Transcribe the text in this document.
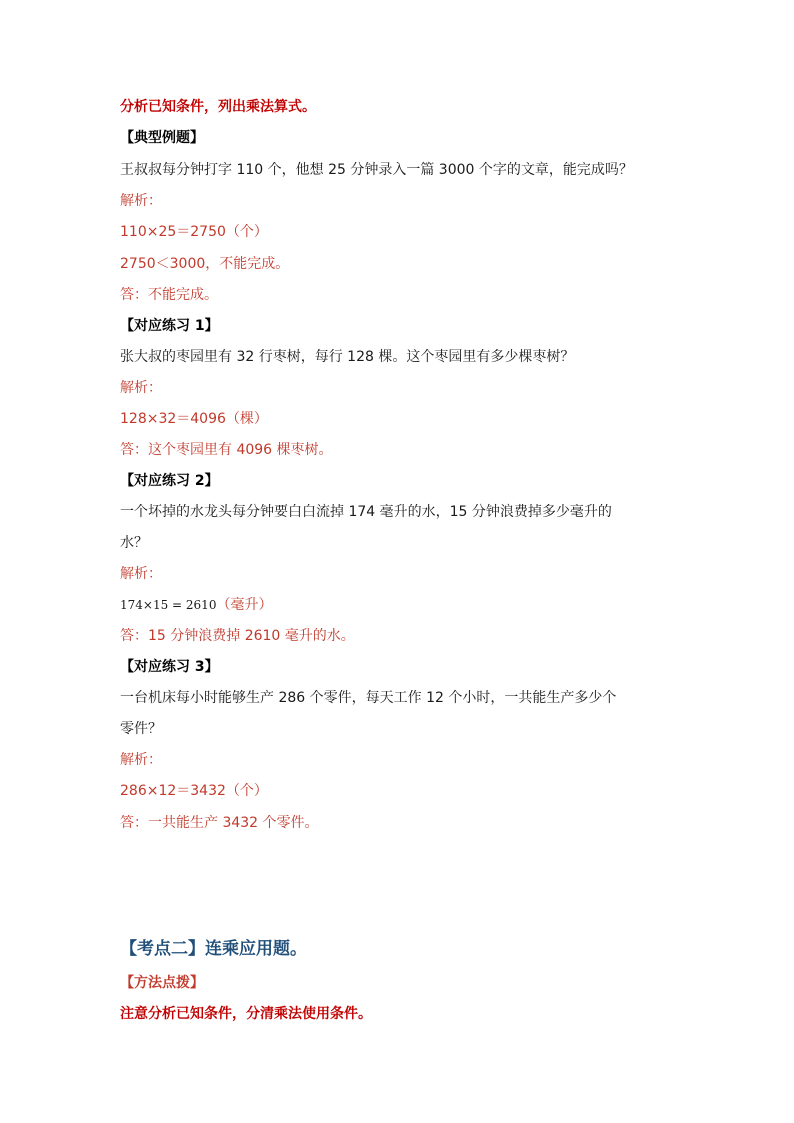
分析已知条件，列出乘法算式。
【典型例题】
王叔叔每分钟打字 110 个，他想 25 分钟录入一篇 3000 个字的文章，能完成吗？
解析：
110×25＝2750（个）
2750＜3000，不能完成。
答：不能完成。
【对应练习 1】
张大叔的枣园里有 32 行枣树，每行 128 棵。这个枣园里有多少棵枣树？
解析：
128×32＝4096（棵）
答：这个枣园里有 4096 棵枣树。
【对应练习 2】
一个坏掉的水龙头每分钟要白白流掉 174 毫升的水，15 分钟浪费掉多少毫升的
水？
解析：
174×15 = 2610（毫升）
答：15 分钟浪费掉 2610 毫升的水。
【对应练习 3】
一台机床每小时能够生产 286 个零件，每天工作 12 个小时，一共能生产多少个
零件？
解析：
286×12＝3432（个）
答：一共能生产 3432 个零件。
【考点二】连乘应用题。
【方法点拨】
注意分析已知条件，分清乘法使用条件。
